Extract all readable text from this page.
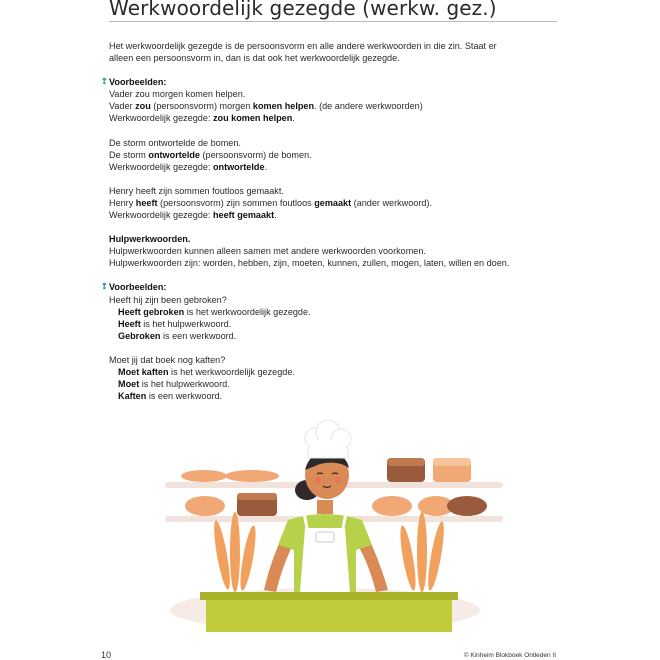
Werkwoordelijk gezegde (werkw. gez.)

Het werkwoordelijk gezegde is de persoonsvorm en alle andere werkwoorden in die zin. Staat er

alleen een persoonsvorm in, dan is dat ook het werkwoordelijk gezegde.

❢ Voorbeelden:

Vader zou morgen komen helpen.

Vader zou (persoonsvorm) morgen komen helpen. (de andere werkwoorden)

Werkwoordelijk gezegde: zou komen helpen.

De storm ontwortelde de bomen.

De storm ontwortelde (persoonsvorm) de bomen.

Werkwoordelijk gezegde: ontwortelde.

Henry heeft zijn sommen foutloos gemaakt.

Henry heeft (persoonsvorm) zijn sommen foutloos gemaakt (ander werkwoord).

Werkwoordelijk gezegde: heeft gemaakt.

Hulpwerkwoorden.

Hulpwerkwoorden kunnen alleen samen met andere werkwoorden voorkomen.

Hulpwerkwoorden zijn: worden, hebben, zijn, moeten, kunnen, zullen, mogen, laten, willen en doen.

❢ Voorbeelden:

Heeft hij zijn been gebroken?

Heeft gebroken is het werkwoordelijk gezegde.

Heeft is het hulpwerkwoord.

Gebroken is een werkwoord.

Moet jij dat boek nog kaften?

Moet kaften is het werkwoordelijk gezegde.

Moet is het hulpwerkwoord.

Kaften is een werkwoord.

10	© Kinheim Blokboek Ontleden II
